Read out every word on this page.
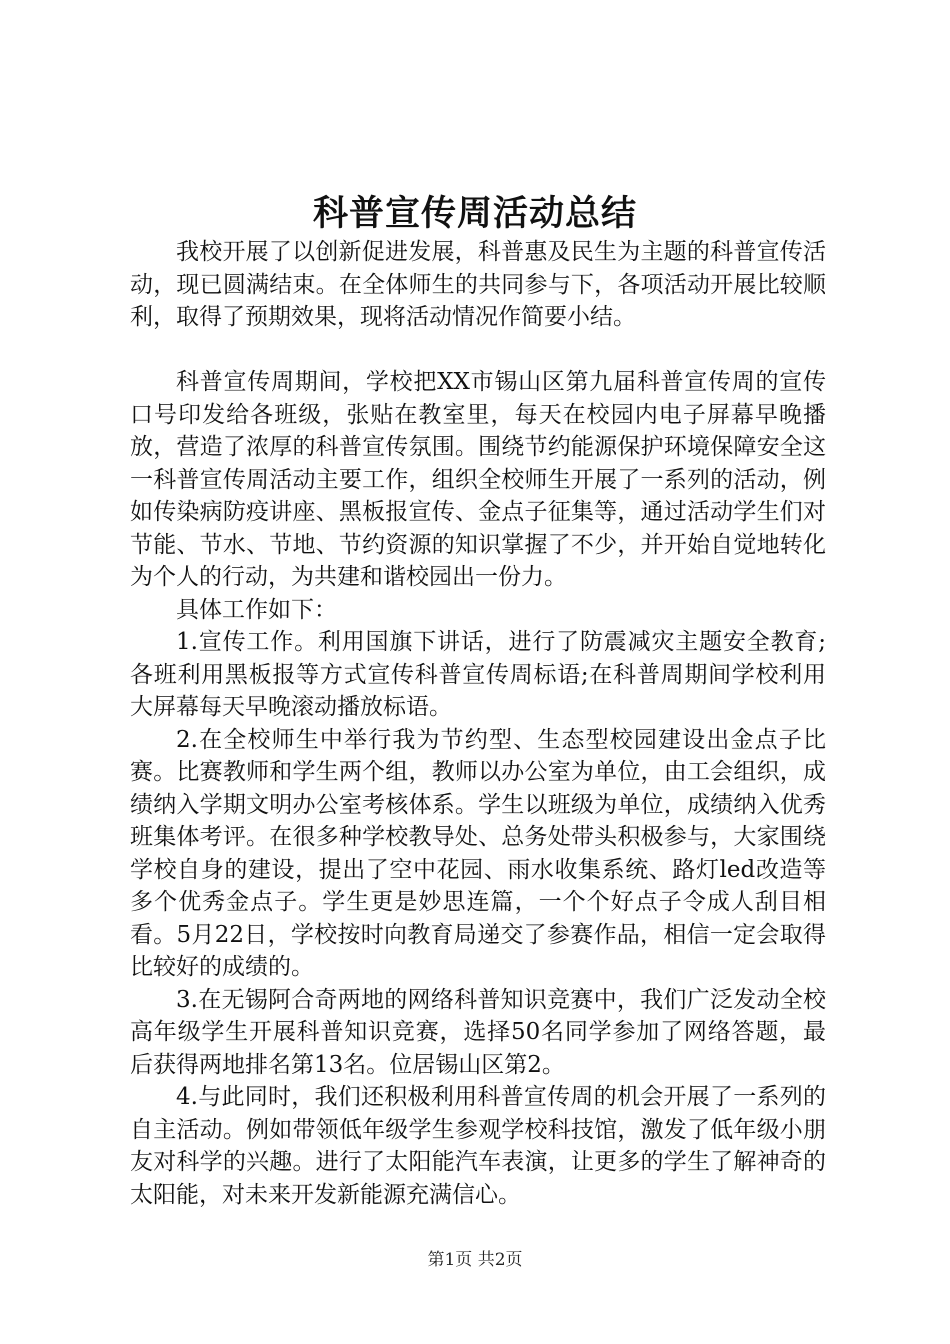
科普宣传周活动总结

我校开展了以创新促进发展，科普惠及民生为主题的科普宣传活动，现已圆满结束。在全体师生的共同参与下，各项活动开展比较顺利，取得了预期效果，现将活动情况作简要小结。

科普宣传周期间，学校把XX市锡山区第九届科普宣传周的宣传口号印发给各班级，张贴在教室里，每天在校园内电子屏幕早晚播放，营造了浓厚的科普宣传氛围。围绕节约能源保护环境保障安全这一科普宣传周活动主要工作，组织全校师生开展了一系列的活动，例如传染病防疫讲座、黑板报宣传、金点子征集等，通过活动学生们对节能、节水、节地、节约资源的知识掌握了不少，并开始自觉地转化为个人的行动，为共建和谐校园出一份力。

具体工作如下：

1.宣传工作。利用国旗下讲话，进行了防震减灾主题安全教育;各班利用黑板报等方式宣传科普宣传周标语;在科普周期间学校利用大屏幕每天早晚滚动播放标语。

2.在全校师生中举行我为节约型、生态型校园建设出金点子比赛。比赛教师和学生两个组，教师以办公室为单位，由工会组织，成绩纳入学期文明办公室考核体系。学生以班级为单位，成绩纳入优秀班集体考评。在很多种学校教导处、总务处带头积极参与，大家围绕学校自身的建设，提出了空中花园、雨水收集系统、路灯led改造等多个优秀金点子。学生更是妙思连篇，一个个好点子令成人刮目相看。5月22日，学校按时向教育局递交了参赛作品，相信一定会取得比较好的成绩的。

3.在无锡阿合奇两地的网络科普知识竞赛中，我们广泛发动全校高年级学生开展科普知识竞赛，选择50名同学参加了网络答题，最后获得两地排名第13名。位居锡山区第2。

4.与此同时，我们还积极利用科普宣传周的机会开展了一系列的自主活动。例如带领低年级学生参观学校科技馆，激发了低年级小朋友对科学的兴趣。进行了太阳能汽车表演，让更多的学生了解神奇的太阳能，对未来开发新能源充满信心。

第1页 共2页
